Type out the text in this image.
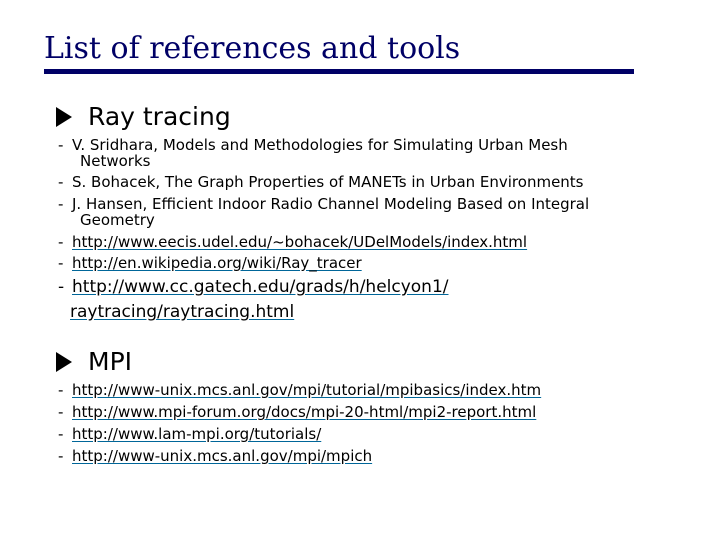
List of references and tools
Ray tracing
- V. Sridhara, Models and Methodologies for Simulating Urban Mesh
Networks
- S. Bohacek, The Graph Properties of MANETs in Urban Environments
- J. Hansen, Efficient Indoor Radio Channel Modeling Based on Integral
Geometry
- http://www.eecis.udel.edu/~bohacek/UDelModels/index.html
- http://en.wikipedia.org/wiki/Ray_tracer
- http://www.cc.gatech.edu/grads/h/helcyon1/
raytracing/raytracing.html
MPI
- http://www-unix.mcs.anl.gov/mpi/tutorial/mpibasics/index.htm
- http://www.mpi-forum.org/docs/mpi-20-html/mpi2-report.html
- http://www.lam-mpi.org/tutorials/
- http://www-unix.mcs.anl.gov/mpi/mpich
